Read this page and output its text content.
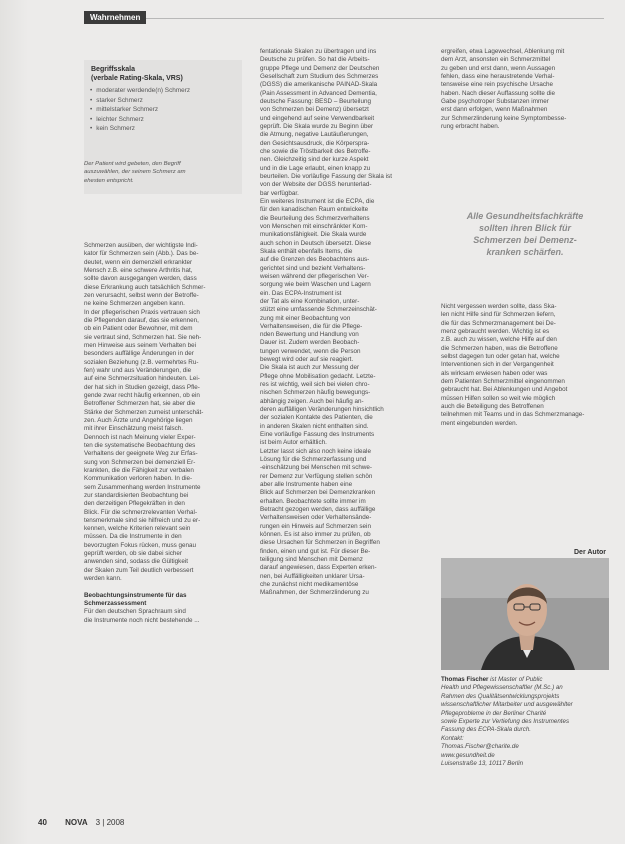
Wahrnehmen
Begriffsskala
(verbale Rating-Skala, VRS)
• moderater werdende(n) Schmerz
• starker Schmerz
• mittelstarker Schmerz
• leichter Schmerz
• kein Schmerz
Der Patient wird gebeten, den Begriff
auszuwählen, der seinem Schmerz am
ehesten entspricht.
Schmerzen ausüben, der wichtigste Indi-
kator für Schmerzen sein (Abb.). Das be-
deutet, wenn ein demenziell erkrankter
Mensch z.B. eine schwere Arthritis hat,
sollte davon ausgegangen werden, dass
diese Erkrankung auch tatsächlich Schmer-
zen verursacht, selbst wenn der Betroffe-
ne keine Schmerzen angeben kann.
In der pflegerischen Praxis vertrauen sich
die Pflegenden darauf, das sie erkennen,
ob ein Patient oder Bewohner, mit dem
sie vertraut sind, Schmerzen hat. Sie neh-
men Hinweise aus seinem Verhalten bei
besonders auffällige Änderungen in der
sozialen Beziehung (z.B. vermehrtes Ru-
fen) wahr und aus Veränderungen, die
auf eine Schmerzsituation hindeuten. Lei-
der hat sich in Studien gezeigt, dass Pfle-
gende zwar recht häufig erkennen, ob ein
Betroffener Schmerzen hat, sie aber die
Stärke der Schmerzen zumeist unterschät-
zen. Auch Ärzte und Angehörige liegen
mit ihrer Einschätzung meist falsch.
Dennoch ist nach Meinung vieler Exper-
ten die systematische Beobachtung des
Verhaltens der geeignete Weg zur Erfas-
sung von Schmerzen bei demenziell Er-
krankten, die die Fähigkeit zur verbalen
Kommunikation verloren haben. In die-
sem Zusammenhang werden Instrumente
zur standardisierten Beobachtung bei
den derzeitigen Pflegekräften in den
Blick. Für die schmerzrelevanten Verhal-
tensmerkmale sind sie hilfreich und zu er-
kennen, welche Kriterien relevant sein
müssen. Da die Instrumente in den
bevorzugten Fokus rücken, muss genau
geprüft werden, ob sie dabei sicher
anwenden sind, sodass die Gültigkeit
der Skalen zum Teil deutlich verbessert
werden kann.

Beobachtungsinstrumente für das
Schmerzassessment
Für den deutschen Sprachraum sind
die Instrumente noch nicht bestehende ...
fentationale Skalen zu übertragen und ins
Deutsche zu prüfen. So hat die Arbeits-
gruppe Pflege und Demenz der Deutschen
Gesellschaft zum Studium des Schmerzes
(DGSS) die amerikanische PAINAD-Skala
(Pain Assessment in Advanced Dementia,
deutsche Fassung: BESD – Beurteilung
von Schmerzen bei Demenz) übersetzt
und eingehend auf seine Verwendbarkeit
geprüft. Die Skala wurde zu Beginn über
die Atmung, negative Lautäußerungen,
den Gesichtsausdruck, die Körperspra-
che sowie die Tröstbarkeit des Betroffe-
nen. Gleichzeitig sind der kurze Aspekt
und in die Lage erlaubt, einen knapp zu
beurteilen. Die vorläufige Fassung der Skala ist
von der Website der DGSS herunterlad-
bar verfügbar.
Ein weiteres Instrument ist die ECPA, die
für den kanadischen Raum entwickelte
die Beurteilung des Schmerzverhaltens
von Menschen mit einschränkter Kom-
munikationsfähigkeit. Die Skala wurde
auch schon in Deutsch übersetzt. Diese
Skala enthält ebenfalls Items, die
auf die Grenzen des Beobachtens aus-
gerichtet sind und bezieht Verhaltens-
weisen während der pflegerischen Ver-
sorgung wie beim Waschen und Lagern
ein. Das ECPA-Instrument ist
der Tat als eine Kombination, unter-
stützt eine umfassende Schmerzeinschät-
zung mit einer Beobachtung von
Verhaltensweisen, die für die Pflege-
nden Bewertung und Handlung von
Dauer ist. Zudem werden Beobach-
tungen verwendet, wenn die Person
bewegt wird oder auf sie reagiert.
Die Skala ist auch zur Messung der
Pflege ohne Mobilisation gedacht. Letzte-
res ist wichtig, weil sich bei vielen chro-
nischen Schmerzen häufig bewegungs-
abhängig zeigen. Auch bei häufig an-
deren auffälligen Veränderungen hinsichtlich
der sozialen Kontakte des Patienten, die
in anderen Skalen nicht enthalten sind.
Eine vorläufige Fassung des Instruments
ist beim Autor erhältlich.
Letzter lasst sich also noch keine ideale
Lösung für die Schmerzerfassung und
-einschätzung bei Menschen mit schwe-
rer Demenz zur Verfügung stellen schön
aber alle Instrumente haben eine
Blick auf Schmerzen bei Demenzkranken
erhalten. Beobachtete sollte immer im
Betracht gezogen werden, dass auffällige
Verhaltensweisen oder Verhaltensände-
rungen ein Hinweis auf Schmerzen sein
können. Es ist also immer zu prüfen, ob
diese Ursachen für Schmerzen in Begriffen
finden, einen und gut ist. Für dieser Be-
teiligung sind Menschen mit Demenz
darauf angewiesen, dass Experten erken-
nen, bei Auffälligkeiten unklarer Ursa-
che zunächst nicht medikamentöse
Maßnahmen, der Schmerzlinderung zu
ergreifen, etwa Lagewechsel, Ablenkung mit
dem Arzt, ansonsten ein Schmerzmittel
zu geben und erst dann, wenn Aussagen
fehlen, dass eine heraustretende Verhal-
tensweise eine rein psychische Ursache
haben. Nach dieser Auffassung sollte die
Gabe psychotroper Substanzen immer
erst dann erfolgen, wenn Maßnahmen
zur Schmerzlinderung keine Symptombesse-
rung erbracht haben.
Alle Gesundheitsfachkräfte
sollten ihren Blick für
Schmerzen bei Demenz-
kranken schärfen.
Nicht vergessen werden sollte, dass Ska-
len nicht Hilfe sind für Schmerzen liefern,
die für das Schmerzmanagement bei De-
menz gebraucht werden. Wichtig ist es
z.B. auch zu wissen, welche Hilfe auf den
die Schmerzen haben, was die Betroffene
selbst dagegen tun oder getan hat, welche
Interventionen sich in der Vergangenheit
als wirksam erwiesen haben oder was
dem Patienten Schmerzmittel eingenommen
gebraucht hat. Bei Ablenkungen und Angebot
müssen Hilfen sollen so weit wie möglich
auch die Beteiligung des Betroffenen
teilnehmen mit Teams und in das Schmerzmanage-
ment eingebunden werden.
Der Autor
Thomas Fischer ist Master of Public
Health und Pflegewissenschaftler (M.Sc.) an
Rahmen des Qualitätsentwicklungsprojekts
wissenschaftlicher Mitarbeiter und ausgewählter
Pflegeprobleme in der Berliner Charité
sowie Experte zur Vertiefung des Instrumentes
Fassung des ECPA-Skala durch.
Kontakt:
Thomas.Fischer@charite.de
www.gesundheit.de
Luisenstraße 13, 10117 Berlin
40 NOVA 3 | 2008
